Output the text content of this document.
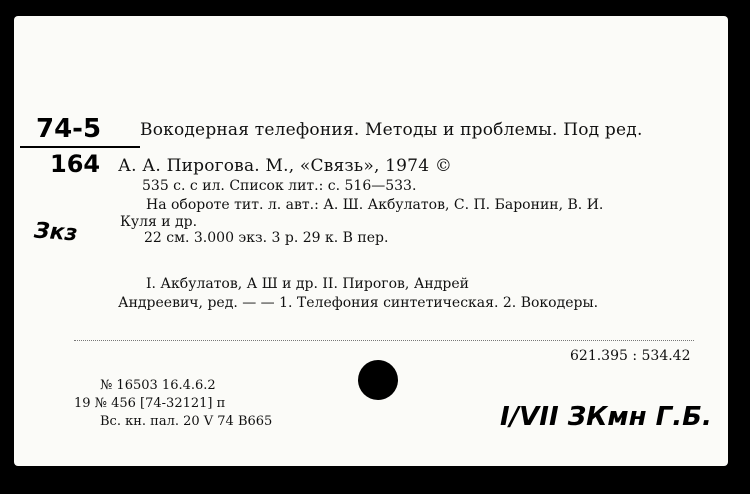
74-5
164
Зкз
Вокодерная телефония. Методы и проблемы. Под ред.
А. А. Пирогова. М., «Связь», 1974 ©
535 с. с ил. Список лит.: с. 516—533.
На обороте тит. л. авт.: А. Ш. Акбулатов, С. П. Баронин, В. И.
Куля и др.
22 см. 3.000 экз. 3 р. 29 к. В пер.
I. Акбулатов, А Ш и др. II. Пирогов, Андрей
Андреевич, ред. — — 1. Телефония синтетическая. 2. Вокодеры.
621.395 : 534.42
№ 16503 16.4.6.2
19 № 456 [74-32121] п
Вс. кн. пал. 20 V 74 В665	I/VII ЗКмн Г.Б.
